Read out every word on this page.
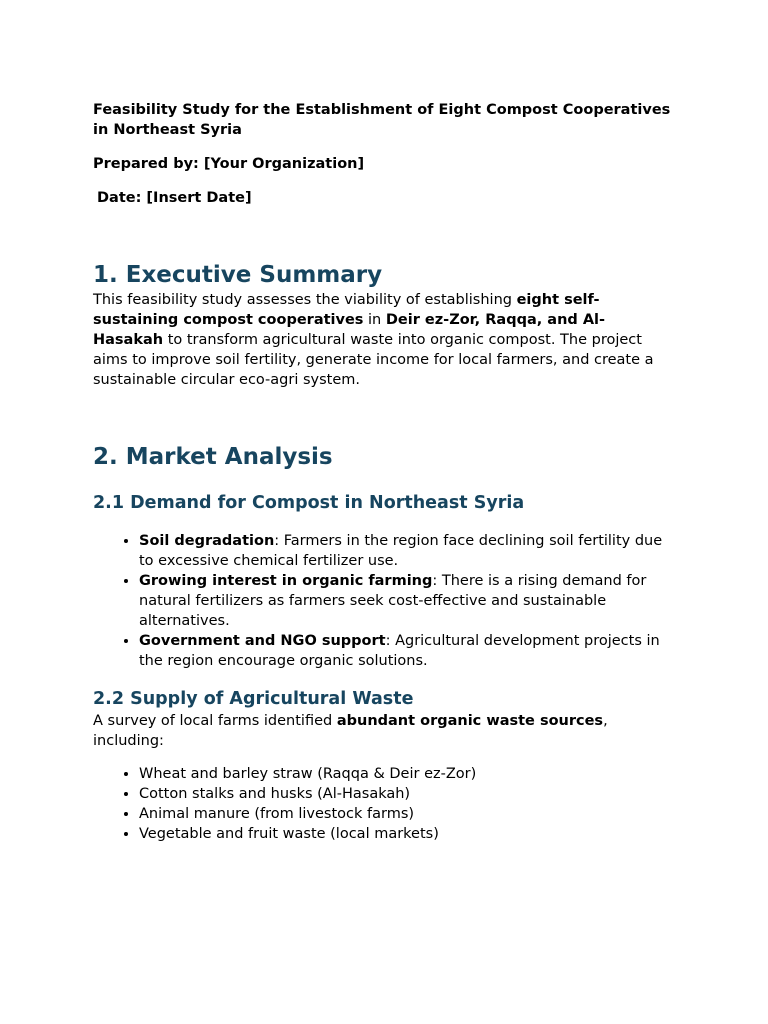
Feasibility Study for the Establishment of Eight Compost Cooperatives in Northeast Syria

Prepared by: [Your Organization]

Date: [Insert Date]

1. Executive Summary

This feasibility study assesses the viability of establishing eight self-sustaining compost cooperatives in Deir ez-Zor, Raqqa, and Al-Hasakah to transform agricultural waste into organic compost. The project aims to improve soil fertility, generate income for local farmers, and create a sustainable circular eco-agri system.

2. Market Analysis
2.1 Demand for Compost in Northeast Syria
• Soil degradation: Farmers in the region face declining soil fertility due to excessive chemical fertilizer use.
• Growing interest in organic farming: There is a rising demand for natural fertilizers as farmers seek cost-effective and sustainable alternatives.
• Government and NGO support: Agricultural development projects in the region encourage organic solutions.
2.2 Supply of Agricultural Waste

A survey of local farms identified abundant organic waste sources, including:

• Wheat and barley straw (Raqqa & Deir ez-Zor)
• Cotton stalks and husks (Al-Hasakah)
• Animal manure (from livestock farms)
• Vegetable and fruit waste (local markets)
